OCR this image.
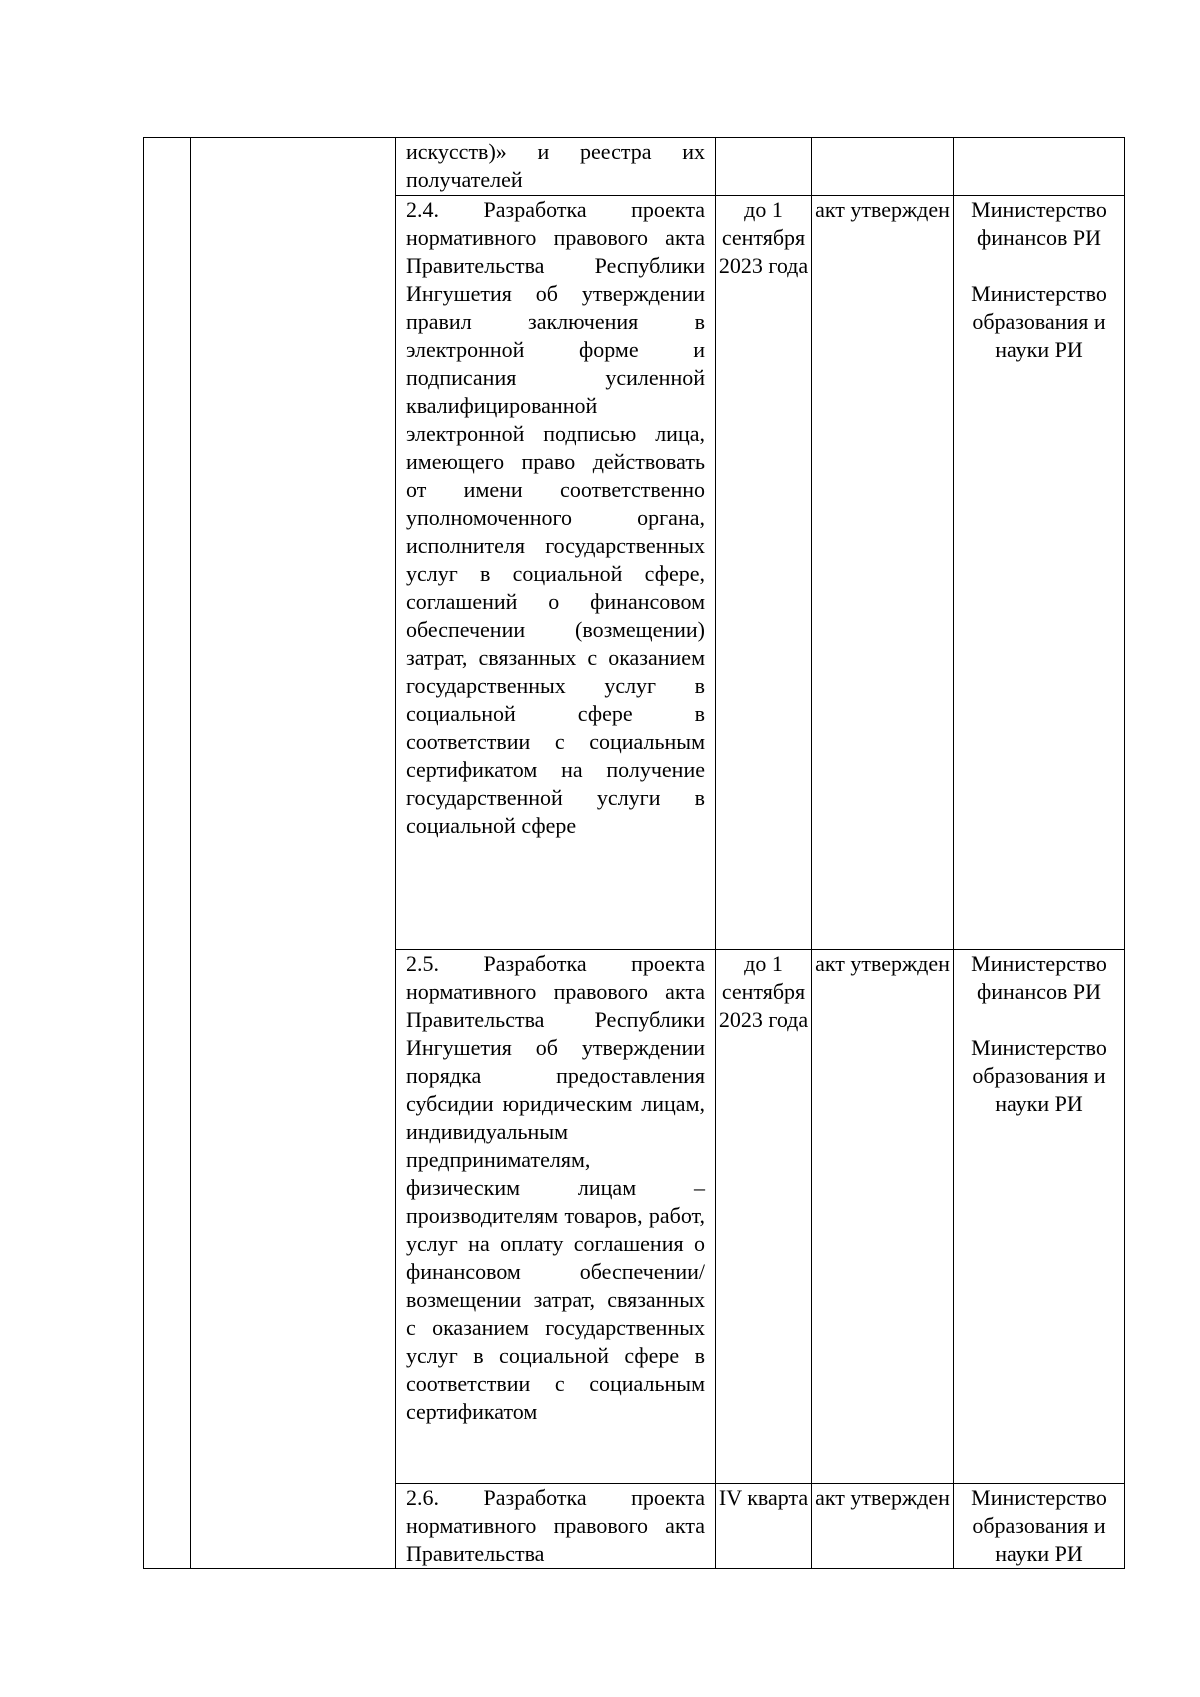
		искусств)» и реестра их получателей			

		2.4. Разработка проекта нормативного правового акта Правительства Республики Ингушетия об утверждении правил заключения в электронной форме и подписания усиленной квалифицированной электронной подписью лица, имеющего право действовать от имени соответственно уполномоченного органа, исполнителя государственных услуг в социальной сфере, соглашений о финансовом обеспечении (возмещении) затрат, связанных с оказанием государственных услуг в социальной сфере в соответствии с социальным сертификатом на получение государственной услуги в социальной сфере	до 1 сентября 2023 года	акт утвержден	Министерство финансов РИ
Министерство образования и науки РИ

		2.5. Разработка проекта нормативного правового акта Правительства Республики Ингушетия об утверждении порядка предоставления субсидии юридическим лицам, индивидуальным предпринимателям, физическим лицам – производителям товаров, работ, услуг на оплату соглашения о финансовом обеспечении/возмещении затрат, связанных с оказанием государственных услуг в социальной сфере в соответствии с социальным сертификатом	до 1 сентября 2023 года	акт утвержден	Министерство финансов РИ
Министерство образования и науки РИ

		2.6. Разработка проекта нормативного правового акта Правительства	IV кварта	акт утвержден	Министерство образования и науки РИ
